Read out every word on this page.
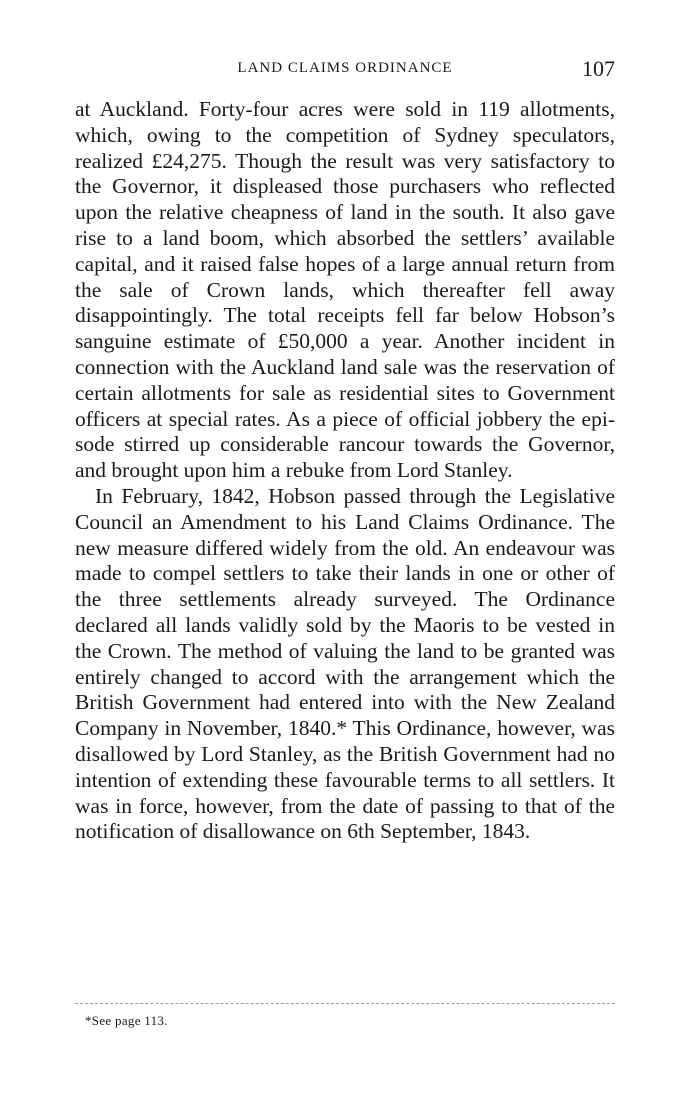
LAND CLAIMS ORDINANCE	107

at Auckland. Forty-four acres were sold in 119 allotments, which, owing to the competition of Sydney speculators, realized £24,275. Though the result was very satisfactory to the Governor, it displeased those purchasers who reflected upon the relative cheapness of land in the south. It also gave rise to a land boom, which absorbed the settlers’ available capital, and it raised false hopes of a large annual return from the sale of Crown lands, which thereafter fell away disappointingly. The total receipts fell far below Hobson’s sanguine estimate of £50,000 a year. Another incident in connection with the Auckland land sale was the reservation of certain allotments for sale as residential sites to Government officers at special rates. As a piece of official jobbery the episode stirred up considerable rancour towards the Governor, and brought upon him a rebuke from Lord Stanley.

In February, 1842, Hobson passed through the Legislative Council an Amendment to his Land Claims Ordinance. The new measure differed widely from the old. An endeavour was made to compel settlers to take their lands in one or other of the three settlements already surveyed. The Ordinance declared all lands validly sold by the Maoris to be vested in the Crown. The method of valuing the land to be granted was entirely changed to accord with the arrangement which the British Government had entered into with the New Zealand Company in November, 1840.* This Ordinance, however, was disallowed by Lord Stanley, as the British Government had no intention of extending these favourable terms to all settlers. It was in force, however, from the date of passing to that of the notification of disallowance on 6th September, 1843.

*See page 113.
